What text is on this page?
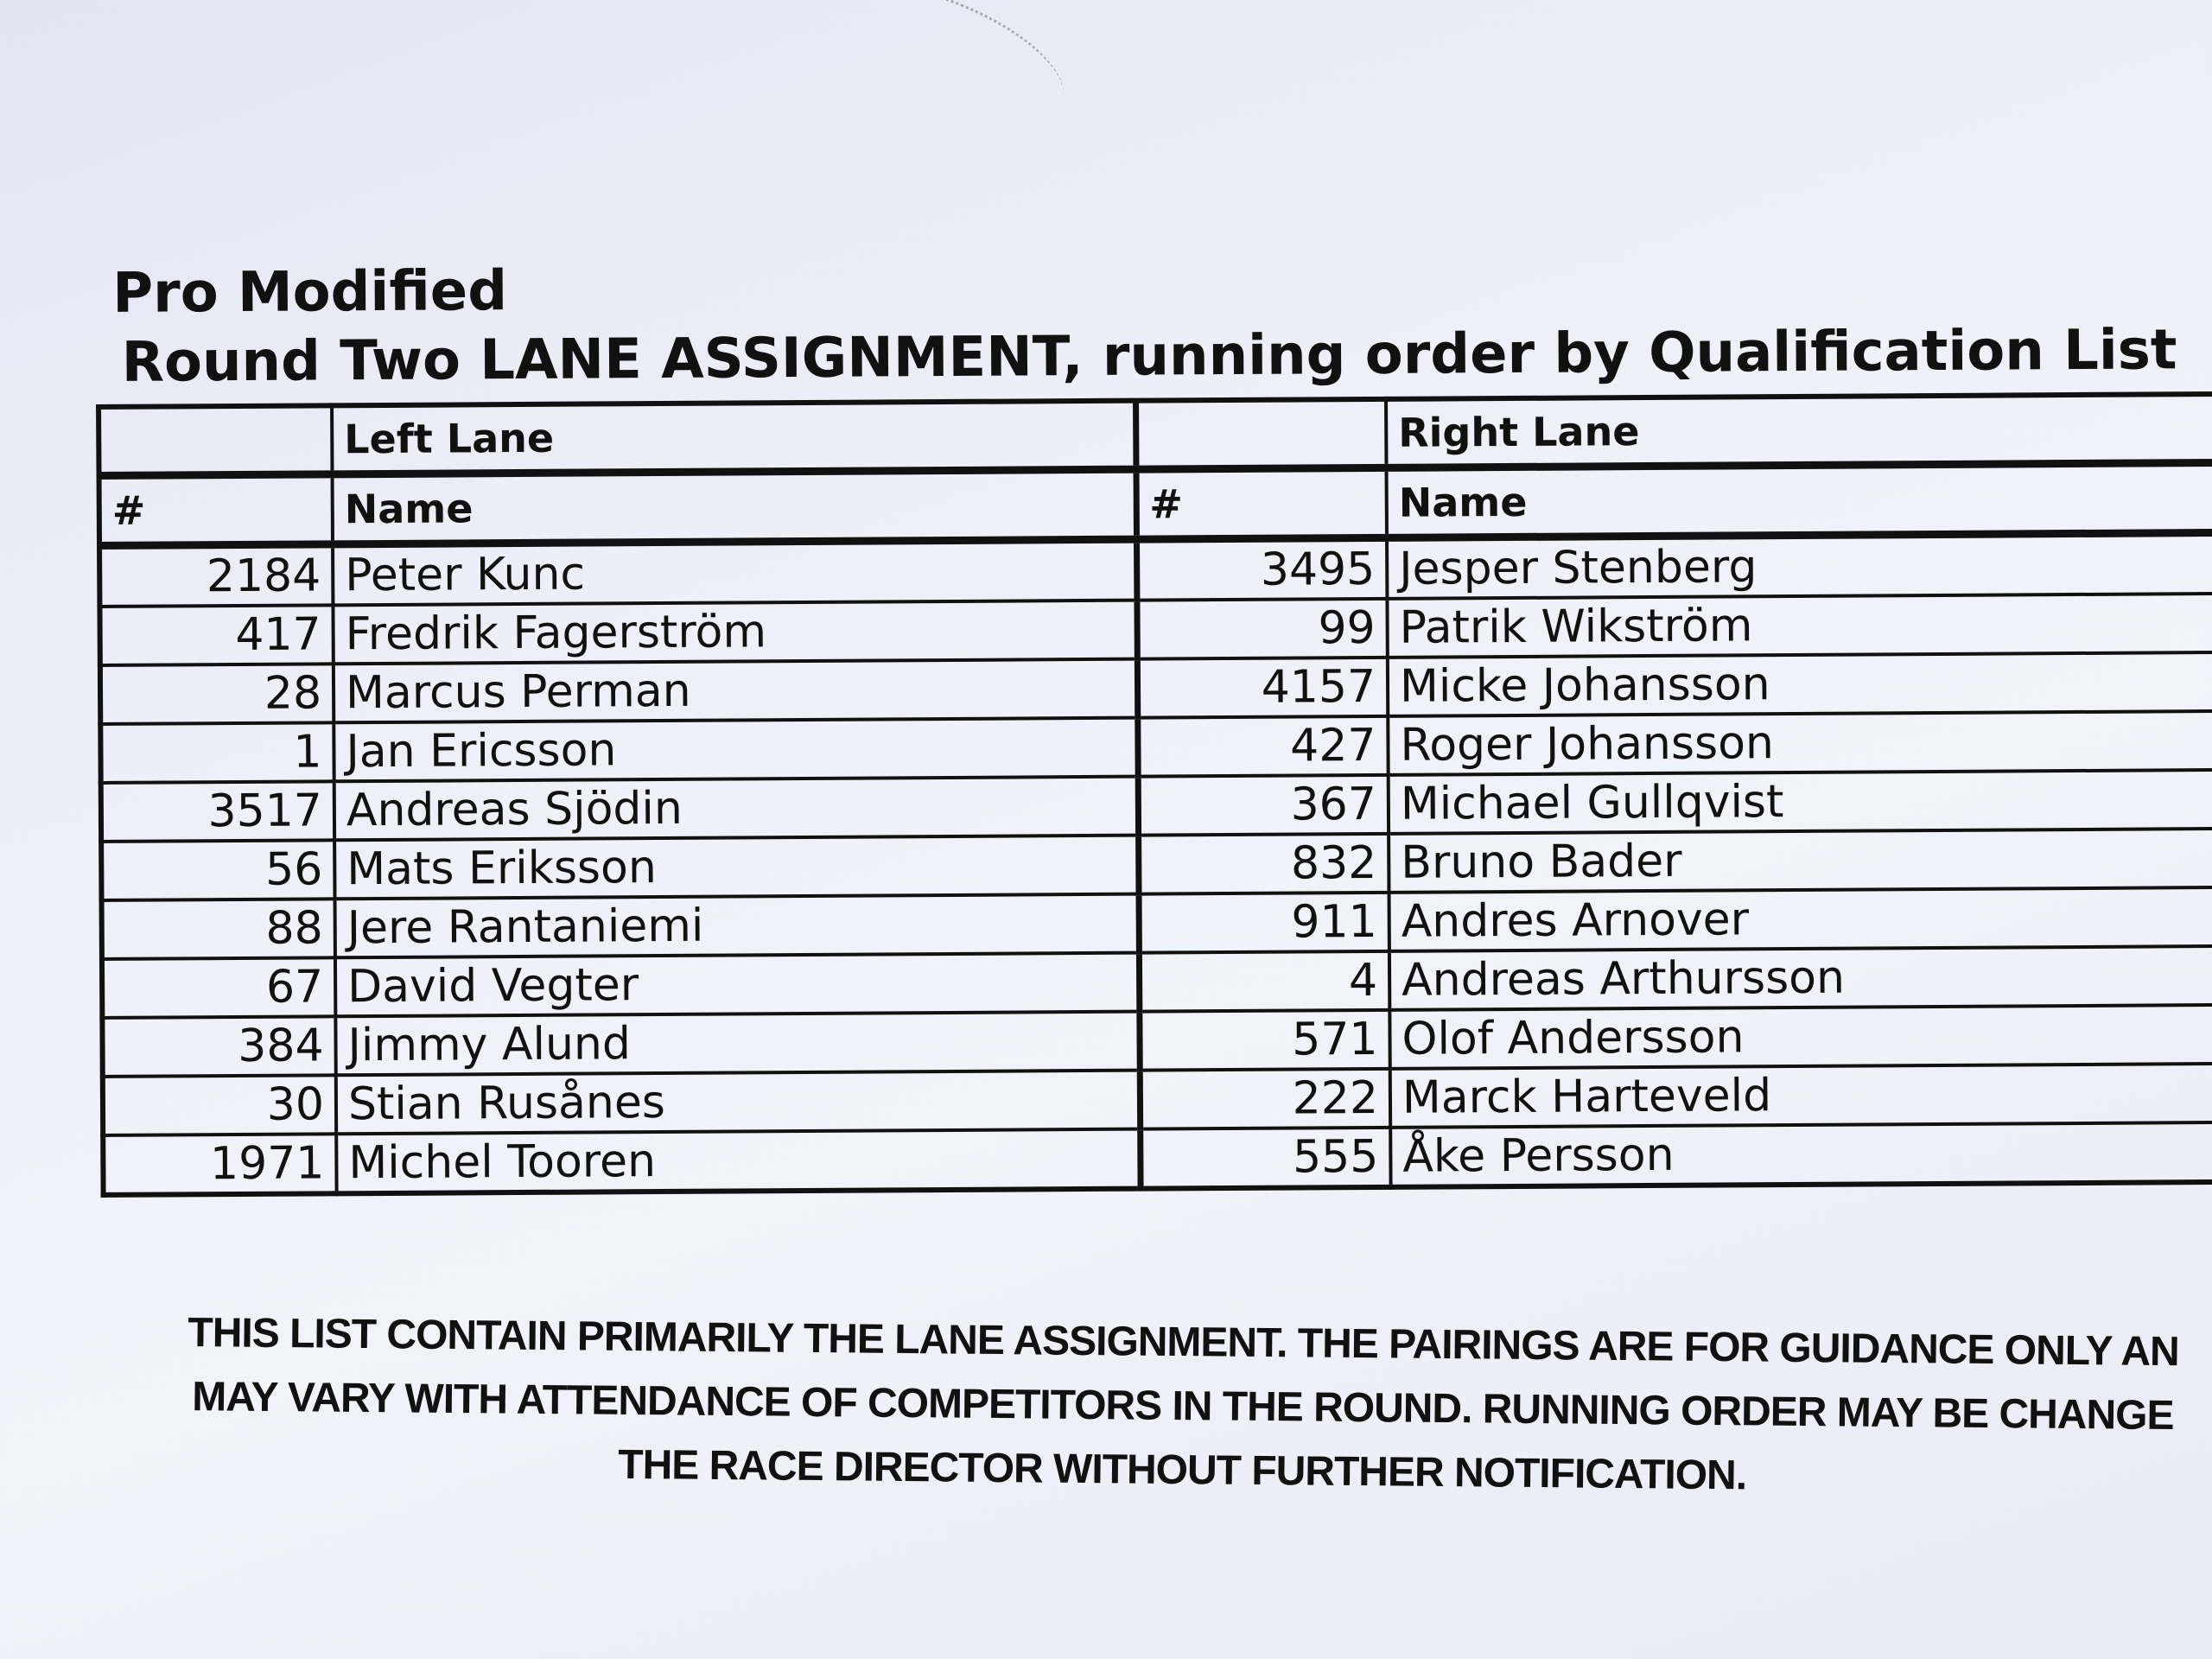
Pro Modified
Round Two LANE ASSIGNMENT, running order by Qualification List
	Left Lane		Right Lane
#	Name	#	Name
2184	Peter Kunc	3495	Jesper Stenberg
417	Fredrik Fagerström	99	Patrik Wikström
28	Marcus Perman	4157	Micke Johansson
1	Jan Ericsson	427	Roger Johansson
3517	Andreas Sjödin	367	Michael Gullqvist
56	Mats Eriksson	832	Bruno Bader
88	Jere Rantaniemi	911	Andres Arnover
67	David Vegter	4	Andreas Arthursson
384	Jimmy Alund	571	Olof Andersson
30	Stian Rusånes	222	Marck Harteveld
1971	Michel Tooren	555	Åke Persson
THIS LIST CONTAIN PRIMARILY THE LANE ASSIGNMENT. THE PAIRINGS ARE FOR GUIDANCE ONLY AN
MAY VARY WITH ATTENDANCE OF COMPETITORS IN THE ROUND. RUNNING ORDER MAY BE CHANGE
THE RACE DIRECTOR WITHOUT FURTHER NOTIFICATION.
